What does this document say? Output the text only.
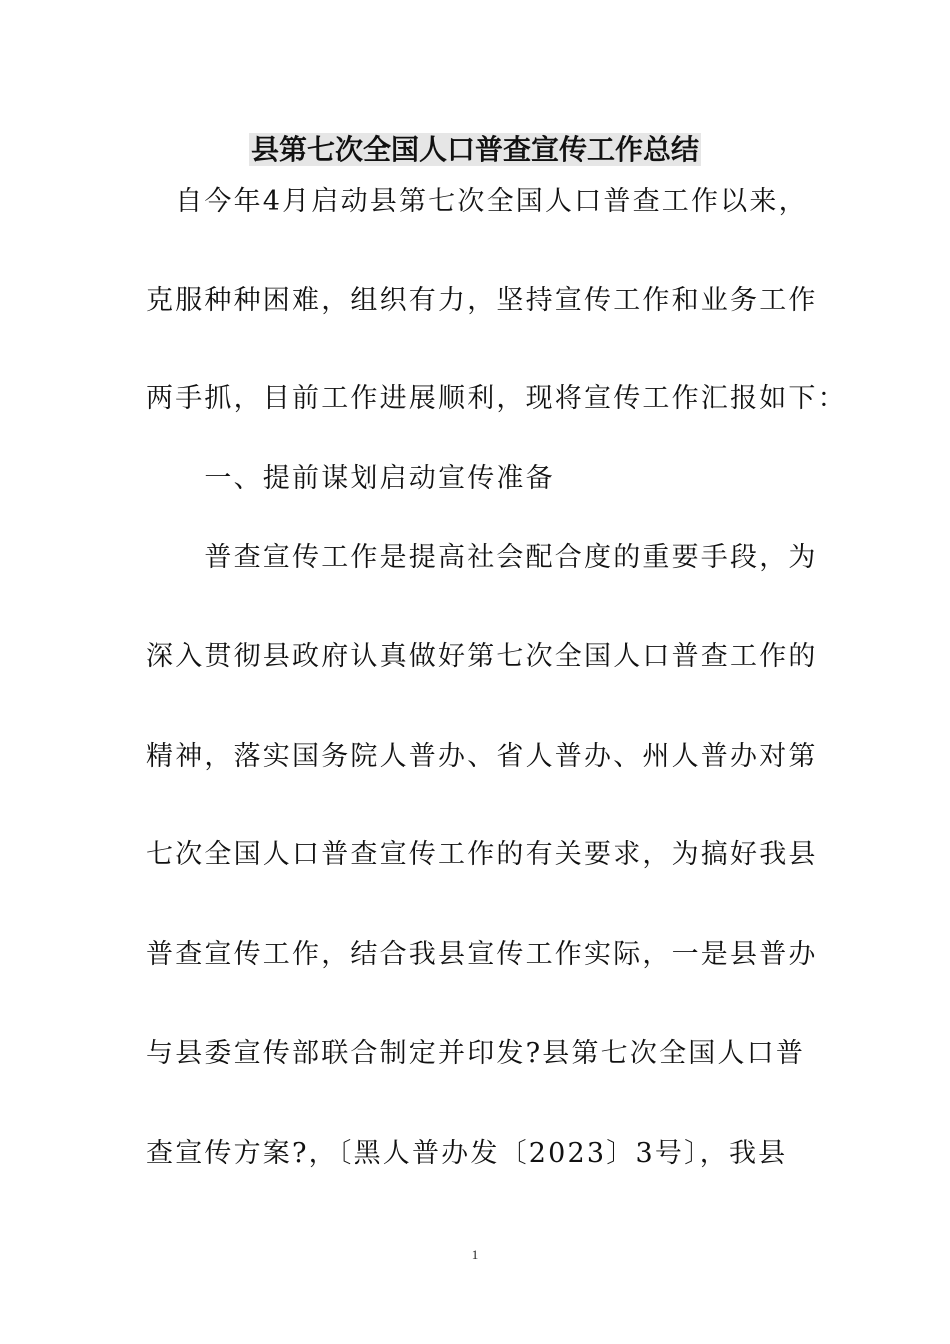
县第七次全国人口普查宣传工作总结
　自今年4月启动县第七次全国人口普查工作以来，
克服种种困难，组织有力，坚持宣传工作和业务工作
两手抓，目前工作进展顺利，现将宣传工作汇报如下：
　　一、提前谋划启动宣传准备
　　普查宣传工作是提高社会配合度的重要手段，为
深入贯彻县政府认真做好第七次全国人口普查工作的
精神，落实国务院人普办、省人普办、州人普办对第
七次全国人口普查宣传工作的有关要求，为搞好我县
普查宣传工作，结合我县宣传工作实际，一是县普办
与县委宣传部联合制定并印发?县第七次全国人口普
查宣传方案?，〔黑人普办发〔2023〕3号〕，我县
1
